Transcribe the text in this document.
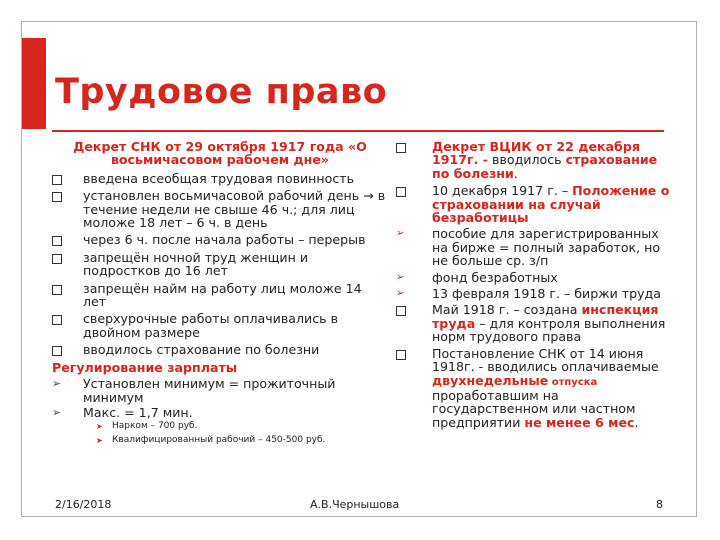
Трудовое право
Декрет СНК от 29 октября 1917 года «О восьмичасовом рабочем дне»
введена всеобщая трудовая повинность
установлен восьмичасовой рабочий день → в течение недели не свыше 46 ч.; для лиц моложе 18 лет – 6 ч. в день
через 6 ч. после начала работы – перерыв
запрещён ночной труд женщин и подростков до 16 лет
запрещён найм на работу лиц моложе 14 лет
сверхурочные работы оплачивались в двойном размере
вводилось страхование по болезни
Регулирование зарплаты
➢	Установлен минимум = прожиточный минимум
➢	Макс. = 1,7 мин.
➤ Нарком – 700 руб.
➤ Квалифицированный рабочий – 450-500 руб.
Декрет ВЦИК от 22 декабря 1917г. - вводилось страхование по болезни.
10 декабря 1917 г. – Положение о страховании на случай безработицы
➢	пособие для зарегистрированных на бирже = полный заработок, но не больше ср. з/п
➢	фонд безработных
➢	13 февраля 1918 г. – биржи труда
Май 1918 г. – создана инспекция труда – для контроля выполнения норм трудового права
Постановление СНК от 14 июня 1918г. - вводились оплачиваемые двухнедельные отпуска проработавшим на государственном или частном предприятии не менее 6 мес.
2/16/2018	А.В.Чернышова	8
